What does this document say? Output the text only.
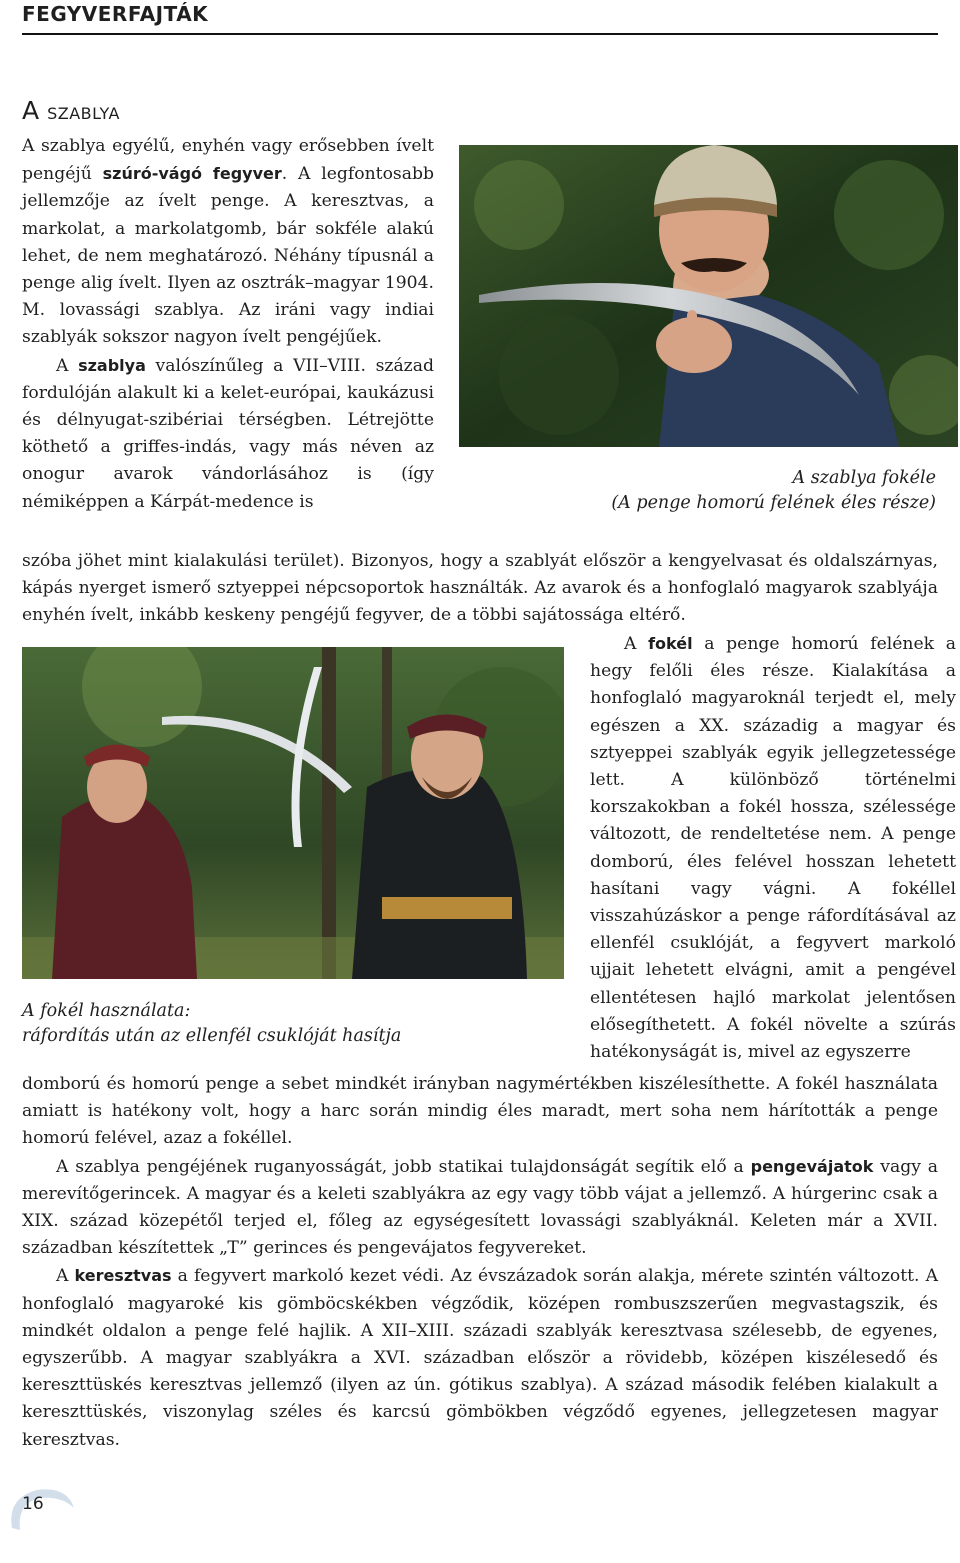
FEGYVERFAJTÁK
A szablya

A szablya egyélű, enyhén vagy erősebben ívelt pengéjű szúró-vágó fegyver. A legfontosabb jellemzője az ívelt penge. A keresztvas, a markolat, a markolatgomb, bár sokféle alakú lehet, de nem meghatározó. Néhány típusnál a penge alig ívelt. Ilyen az osztrák–magyar 1904. M. lovassági szablya. Az iráni vagy indiai szablyák sokszor nagyon ívelt pengéjűek.

A szablya valószínűleg a VII–VIII. század fordulóján alakult ki a kelet-európai, kaukázusi és délnyugat-szibériai térségben. Létrejötte köthető a griffes-indás, vagy más néven az onogur avarok vándorlásához is (így némiképpen a Kárpát-medence is

A szablya fokéle
(A penge homorú felének éles része)

szóba jöhet mint kialakulási terület). Bizonyos, hogy a szablyát először a kengyelvasat és oldalszárnyas, kápás nyerget ismerő sztyeppei népcsoportok használták. Az avarok és a honfoglaló magyarok szablyája enyhén ívelt, inkább keskeny pengéjű fegyver, de a többi sajátossága eltérő.

A fokél a penge homorú felének a hegy felőli éles része. Kialakítása a honfoglaló magyaroknál terjedt el, mely egészen a XX. századig a magyar és sztyeppei szablyák egyik jellegzetessége lett. A különböző történelmi korszakokban a fokél hossza, szélessége változott, de rendeltetése nem. A penge domború, éles felével hosszan lehetett hasítani vagy vágni. A fokéllel visszahúzáskor a penge ráfordításával az ellenfél csuklóját, a fegyvert markoló ujjait lehetett elvágni, amit a pengével ellentétesen hajló markolat jelentősen elősegíthetett. A fokél növelte a szúrás hatékonyságát is, mivel az egyszerre

A fokél használata:
ráfordítás után az ellenfél csuklóját hasítja

domború és homorú penge a sebet mindkét irányban nagymértékben kiszélesíthette. A fokél használata amiatt is hatékony volt, hogy a harc során mindig éles maradt, mert soha nem hárították a penge homorú felével, azaz a fokéllel.

A szablya pengéjének ruganyosságát, jobb statikai tulajdonságát segítik elő a pengevájatok vagy a merevítőgerincek. A magyar és a keleti szablyákra az egy vagy több vájat a jellemző. A húrgerinc csak a XIX. század közepétől terjed el, főleg az egységesített lovassági szablyáknál. Keleten már a XVII. században készítettek „T” gerinces és pengevájatos fegyvereket.

A keresztvas a fegyvert markoló kezet védi. Az évszázadok során alakja, mérete szintén változott. A honfoglaló magyaroké kis gömböcskékben végződik, középen rombuszszerűen megvastagszik, és mindkét oldalon a penge felé hajlik. A XII–XIII. századi szablyák keresztvasa szélesebb, de egyenes, egyszerűbb. A magyar szablyákra a XVI. században először a rövidebb, középen kiszélesedő és kereszttüskés keresztvas jellemző (ilyen az ún. gótikus szablya). A század második felében kialakult a kereszttüskés, viszonylag széles és karcsú gömbökben végződő egyenes, jellegzetesen magyar keresztvas.

16
